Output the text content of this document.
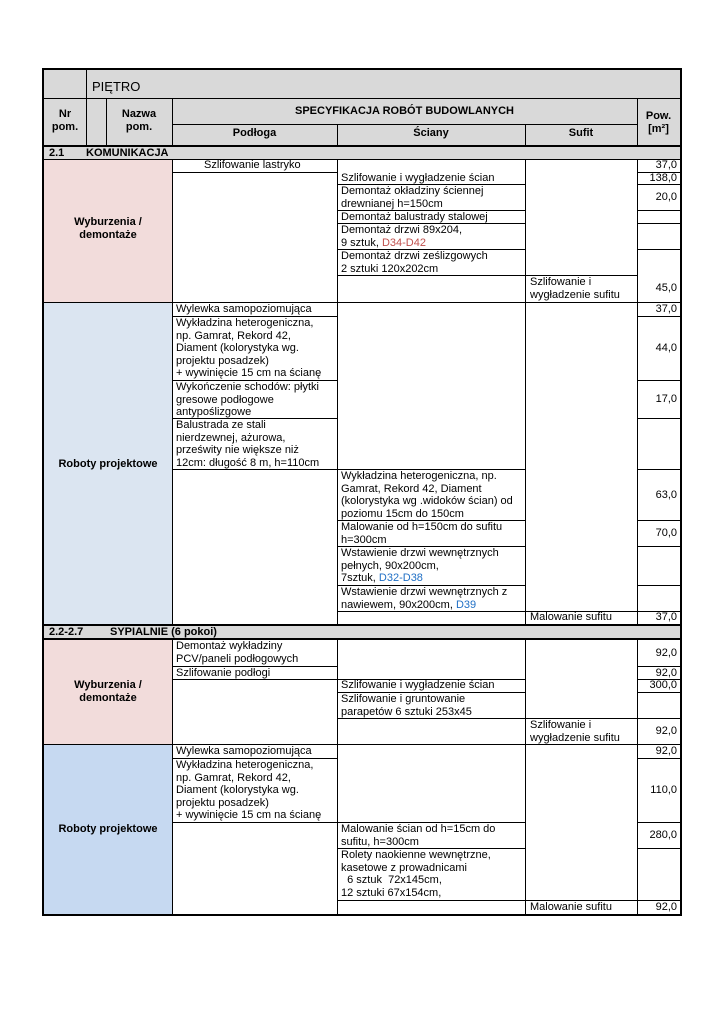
PIĘTRO
Nr
pom.
Nazwa
pom.
SPECYFIKACJA ROBÓT BUDOWLANYCH
Podłoga	Ściany	Sufit
Pow.
[m²]
2.1 KOMUNIKACJA
Wyburzenia /
demontaże
Szlifowanie lastryko
Szlifowanie i wygładzenie ścian
Demontaż okładziny ściennej
drewnianej h=150cm
Demontaż balustrady stalowej
Demontaż drzwi 89x204,
9 sztuk, D34-D42
Demontaż drzwi ześlizgowych
2 sztuki 120x202cm
Szlifowanie i
wygładzenie sufitu
37,0
138,0
20,0
45,0
Roboty projektowe
Wylewka samopoziomująca
Wykładzina heterogeniczna,
np. Gamrat, Rekord 42,
Diament (kolorystyka wg.
projektu posadzek)
+ wywinięcie 15 cm na ścianę
Wykończenie schodów: płytki
gresowe podłogowe
antypoślizgowe
Balustrada ze stali
nierdzewnej, ażurowa,
prześwity nie większe niż
12cm: długość 8 m, h=110cm
Wykładzina heterogeniczna, np.
Gamrat, Rekord 42, Diament
(kolorystyka wg .widoków ścian) od
poziomu 15cm do 150cm
Malowanie od h=150cm do sufitu
h=300cm
Wstawienie drzwi wewnętrznych
pełnych, 90x200cm,
7sztuk, D32-D38
Wstawienie drzwi wewnętrznych z
nawiewem, 90x200cm, D39
Malowanie sufitu
37,0
44,0
17,0
63,0
70,0
37,0
2.2-2.7 SYPIALNIE (6 pokoi)
Wyburzenia /
demontaże
Demontaż wykładziny
PCV/paneli podłogowych
Szlifowanie podłogi
Szlifowanie i wygładzenie ścian
Szlifowanie i gruntowanie
parapetów 6 sztuki 253x45
Szlifowanie i
wygładzenie sufitu
92,0
92,0
300,0
92,0
Roboty projektowe
Wylewka samopoziomująca
Wykładzina heterogeniczna,
np. Gamrat, Rekord 42,
Diament (kolorystyka wg.
projektu posadzek)
+ wywinięcie 15 cm na ścianę
Malowanie ścian od h=15cm do
sufitu, h=300cm
Rolety naokienne wewnętrzne,
kasetowe z prowadnicami
6 sztuk  72x145cm,
12 sztuki 67x154cm,
Malowanie sufitu
92,0
110,0
280,0
92,0
